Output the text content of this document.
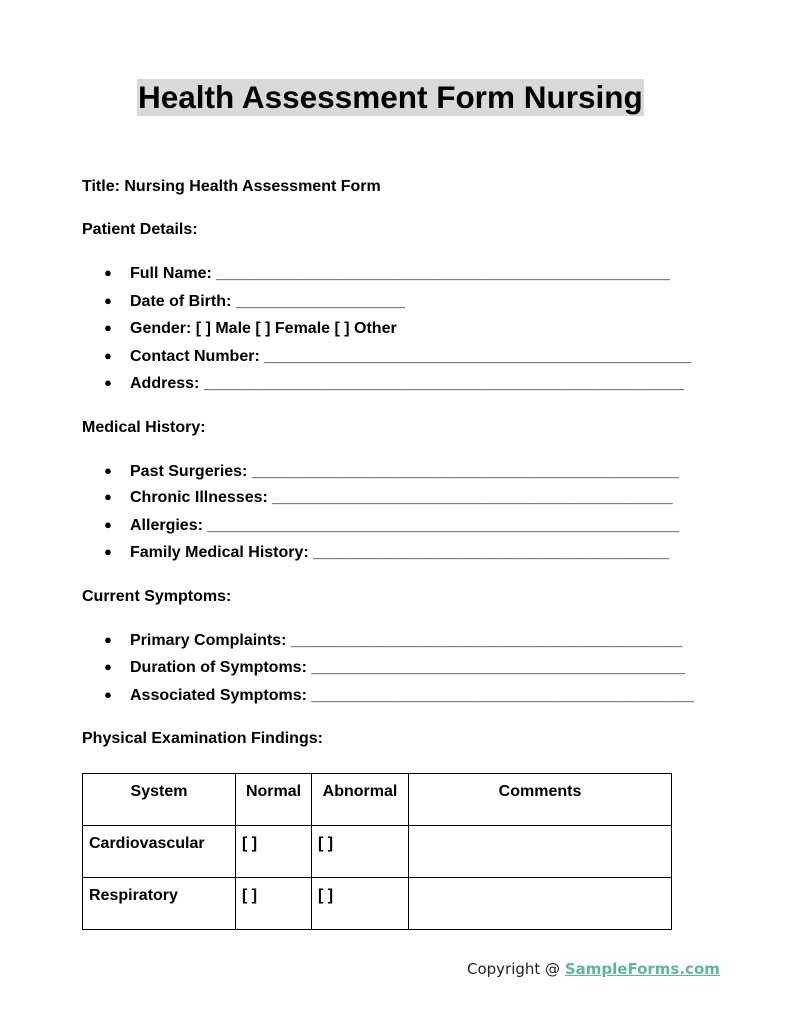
Health Assessment Form Nursing
Title: Nursing Health Assessment Form
Patient Details:
● Full Name: ___________________________________________________
● Date of Birth: ___________________
● Gender: [ ] Male [ ] Female [ ] Other
● Contact Number: ________________________________________________
● Address: ______________________________________________________
Medical History:
● Past Surgeries: ________________________________________________
● Chronic Illnesses: _____________________________________________
● Allergies: _____________________________________________________
● Family Medical History: ________________________________________
Current Symptoms:
● Primary Complaints: ____________________________________________
● Duration of Symptoms: __________________________________________
● Associated Symptoms: ___________________________________________
Physical Examination Findings:
System	Normal	Abnormal	Comments
Cardiovascular	[ ]	[ ]	
Respiratory	[ ]	[ ]	
Copyright @ SampleForms.com
